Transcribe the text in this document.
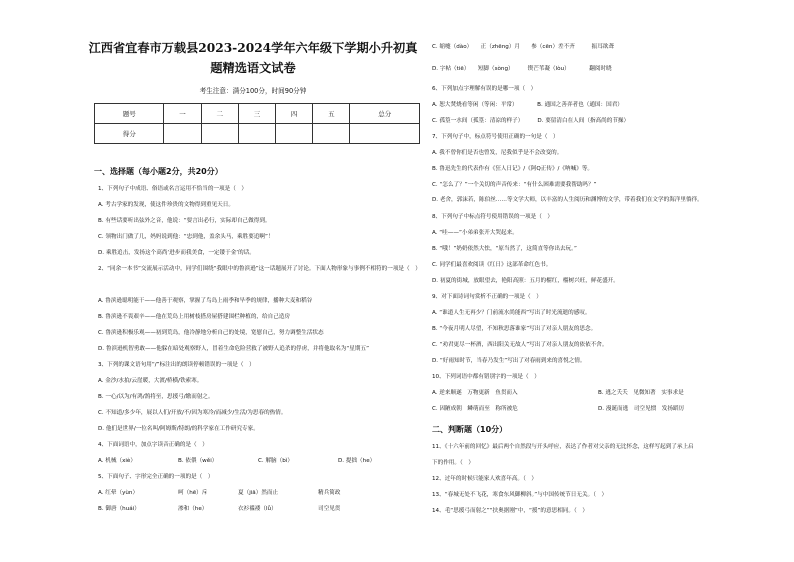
江西省宜春市万载县2023-2024学年六年级下学期小升初真
题精选语文试卷
考生注意：满分100分，时间90分钟
题号	一	二	三	四	五	总分
得分						
一、选择题（每小题2分，共20分）
1、下列句子中成语、俗语或名言运用不恰当的一项是（　）
A. 考古学家的发现，使这件珍贵的文物得到重见天日。
B. 有些话要听出弦外之音，他说：“要言出必行，实际却自己做得到。
C. 领物出门做了几，妈妈说到他：“忠到他，盖余头马，乘胜要追啊”！
D. 乘胜追击，发扬这个高尚‘进步而我美食，一定镂于金’的话。
2、“同余一本书”交流展示活动中，同学们围绕“我眼中的鲁滨逊”这一话题展开了讨论。下面人物形象与事例不相符的一项是（　）
A. 鲁滨逊聪明能干——他善于观察，掌握了鸟岛上雨季和旱季的规律，播种大麦和稻谷
B. 鲁滨逊不畏艰辛——他在荒岛上用树枝搭房屋搭建围栏种植的，给自己造房
C. 鲁滨逊积极乐观——初到荒岛，他冷静地分析自己的处境，宽慰自己，努力调整生活状态
D. 鲁滨逊机智勇敢——他躲在暗处观察野人，冒着生命危险营救了被野人追杀的俘虏，并将他取名为“星期五”
3、下列的课文语句用“/”标注出的朗读停顿错误的一项是（　）
A. 金沙/水拍/云崖暖，大渡/桥横/铁索寒。
B. 一心/以为/有鸿/鹄将至，思援弓/缴而射之。
C. 不知道/多少年，展以人们/开放/不/因为寒冷/而减少/生活/为思春的热情。
D. 他们是世界/一位名叫/阿姆斯/特朗/的科学家在工作研究专家。
4、下面词语中，加点字读音正确的是（　）
A. 机械（xiè）	B. 依偎（wěi）	C. 解脑（bì）	D. 提拙（he）
5、下面句子、字形完全正确的一项的是（　）
A. 红晕（yùn）	呵（hē）斥	夏（jiā）然而止	精兵简政
B. 御唐（huái）	渗和（he）	衣衫褴褛（lǚ）	司空见贯
C. 缩嚏（dào）　　正（zhēng）月　　参（cēn）差不齐　　　振耳欲聋
D. 字帖（tiē）　　短脚（sòng）　　　锲芒苇凝（lòu）　　　　翻阅时晓
6、下列加点字理解有误的是哪一项（　）
A. 恕大焚烧看等闲（等闲：平常）　　　　B. 通国之善弈者也（通国：国君）
C. 孤篁一水间（孤篁：清凉的样子）　　　D. 要留清白在人间（指高尚的节操）
7、下列句子中，标点符号使用正确的一句是（　）
A. 我不曾你们是否也曾发，尼我似乎是不会改变的。
B. 鲁迅先生的代表作有《狂人日记》/《阿Q正传》/《呐喊》等。
C. “怎么了？”一个关切的声音传来：“有什么困难需要我帮助吗？”
D. 老舍，郭沫若，陈伯丝……等文学大师，以丰富的人生阅历和渊博的文学，带着我们在文学的海洋里徜徉。
8、下列句子中标点符号使用错误的一项是（　）
A. “哇——”小弟弟张开大哭起来。
B. “哦！”奶奶依然大怯，“原当然了，这简直等你出去玩。”
C. 同学们最喜欢阅读《红日》这部革命红色书。
D. 初夏的街城，放眼望去，艳阳高照：五月的榴红，榴树兴旺，鲜花盛开。
9、对下面诗词句赏析不正确的一项是（　）
A. “谁道人生无再少？门前流水尚能西”写出了时光流逝的感叹。
B. “今夜月明人尽望，不知秋思落谁家”写出了对亲人朋友的思念。
C. “劝君更尽一杯酒，西出阳关无故人”写出了对亲人朋友的依依不舍。
D. “好雨知时节，当春乃发生”写出了对春雨到来的喜悦之情。
10、下列词语中都有错别字的一项是（　）
A. 逆来顺遂　万物更新　鱼贯而入	B. 逃之夭夭　见微知著　实事求是
C. 因陋成朝　鳞萌而至　称所被危	D. 漫诞而逃　司空见惯　发扬蹈厉
二、判断题（10分）
11、《十六年前的回忆》最后两个自然段与开头呼应，表达了作者对父亲的无比怀念，这样写起到了承上启
下的作用。（　）
12、过年的时候只能家人欢喜年高。（　）
13、“春城无处不飞花，寒食东风御柳斜。”与中国传统节日无关。（　）
14、毛“思援弓而射之”“扶奥据刚”中，“援”的意思相同。（　）
